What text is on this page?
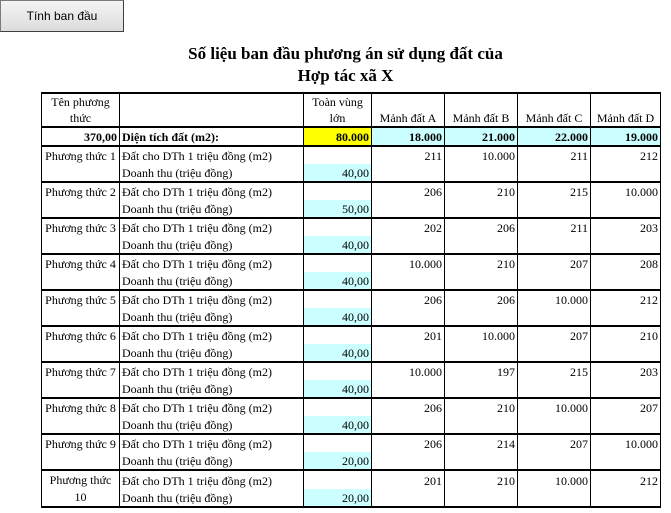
Tính ban đầu
Số liệu ban đầu phương án sử dụng đất của
Hợp tác xã X
Tên phương thức		Toàn vùng lớn	Mảnh đất A	Mảnh đất B	Mảnh đất C	Mảnh đất D
370,00	Diện tích đất (m2):	80.000	18.000	21.000	22.000	19.000
Phương thức 1	Đất cho DTh 1 triệu đồng (m2)		211	10.000	211	212
	Doanh thu (triệu đồng)	40,00				
Phương thức 2	Đất cho DTh 1 triệu đồng (m2)		206	210	215	10.000
	Doanh thu (triệu đồng)	50,00				
Phương thức 3	Đất cho DTh 1 triệu đồng (m2)		202	206	211	203
	Doanh thu (triệu đồng)	40,00				
Phương thức 4	Đất cho DTh 1 triệu đồng (m2)		10.000	210	207	208
	Doanh thu (triệu đồng)	40,00				
Phương thức 5	Đất cho DTh 1 triệu đồng (m2)		206	206	10.000	212
	Doanh thu (triệu đồng)	40,00				
Phương thức 6	Đất cho DTh 1 triệu đồng (m2)		201	10.000	207	210
	Doanh thu (triệu đồng)	40,00				
Phương thức 7	Đất cho DTh 1 triệu đồng (m2)		10.000	197	215	203
	Doanh thu (triệu đồng)	40,00				
Phương thức 8	Đất cho DTh 1 triệu đồng (m2)		206	210	10.000	207
	Doanh thu (triệu đồng)	40,00				
Phương thức 9	Đất cho DTh 1 triệu đồng (m2)		206	214	207	10.000
	Doanh thu (triệu đồng)	20,00				
Phương thức 10	Đất cho DTh 1 triệu đồng (m2)		201	210	10.000	212
	Doanh thu (triệu đồng)	20,00				
